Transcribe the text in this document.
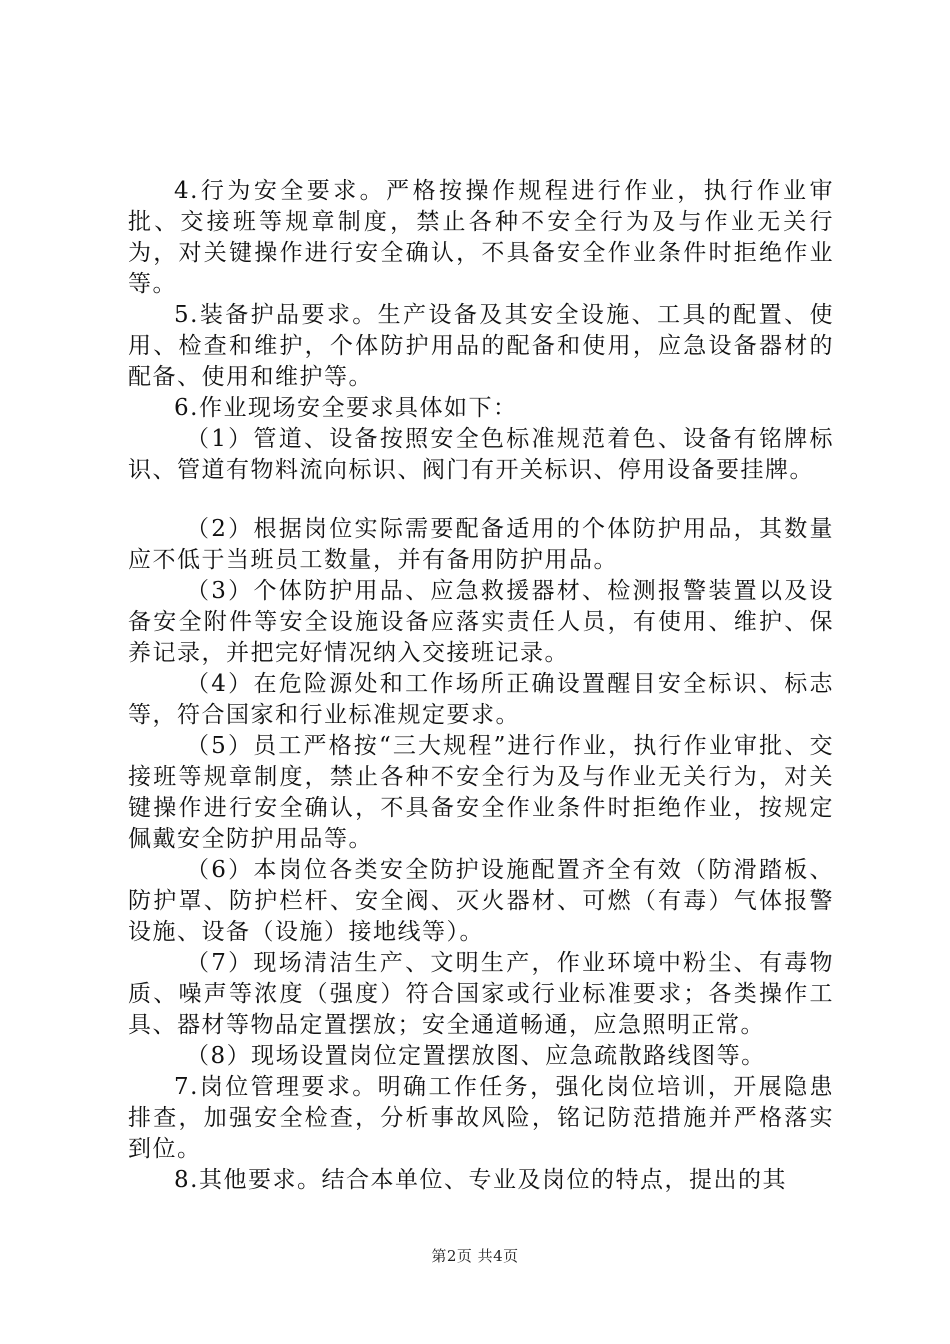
4.行为安全要求。严格按操作规程进行作业，执行作业审批、交接班等规章制度，禁止各种不安全行为及与作业无关行为，对关键操作进行安全确认，不具备安全作业条件时拒绝作业等。

5.装备护品要求。生产设备及其安全设施、工具的配置、使用、检查和维护，个体防护用品的配备和使用，应急设备器材的配备、使用和维护等。

6.作业现场安全要求具体如下：

（1）管道、设备按照安全色标准规范着色、设备有铭牌标识、管道有物料流向标识、阀门有开关标识、停用设备要挂牌。

（2）根据岗位实际需要配备适用的个体防护用品，其数量应不低于当班员工数量，并有备用防护用品。

（3）个体防护用品、应急救援器材、检测报警装置以及设备安全附件等安全设施设备应落实责任人员，有使用、维护、保养记录，并把完好情况纳入交接班记录。

（4）在危险源处和工作场所正确设置醒目安全标识、标志等，符合国家和行业标准规定要求。

（5）员工严格按“三大规程”进行作业，执行作业审批、交接班等规章制度，禁止各种不安全行为及与作业无关行为，对关键操作进行安全确认，不具备安全作业条件时拒绝作业，按规定佩戴安全防护用品等。

（6）本岗位各类安全防护设施配置齐全有效（防滑踏板、防护罩、防护栏杆、安全阀、灭火器材、可燃（有毒）气体报警设施、设备（设施）接地线等）。

（7）现场清洁生产、文明生产，作业环境中粉尘、有毒物质、噪声等浓度（强度）符合国家或行业标准要求；各类操作工具、器材等物品定置摆放；安全通道畅通，应急照明正常。

（8）现场设置岗位定置摆放图、应急疏散路线图等。

7.岗位管理要求。明确工作任务，强化岗位培训，开展隐患排查，加强安全检查，分析事故风险，铭记防范措施并严格落实到位。

8.其他要求。结合本单位、专业及岗位的特点，提出的其

第2页 共4页
